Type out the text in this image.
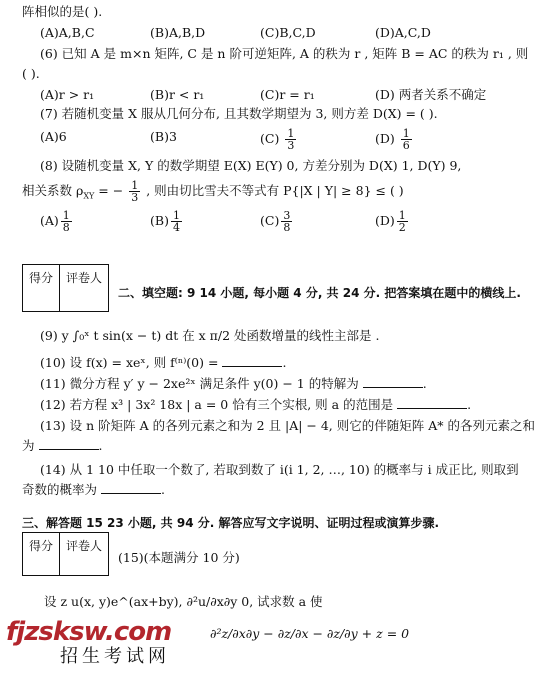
阵相似的是( ).
(A)A,B,C	(B)A,B,D	(C)B,C,D	(D)A,C,D
(6) 已知 A 是 m×n 矩阵, C 是 n 阶可逆矩阵, A 的秩为 r , 矩阵 B = AC 的秩为 r₁ , 则
( ).
(A)r > r₁	(B)r < r₁	(C)r = r₁	(D) 两者关系不确定
(7) 若随机变量 X 服从几何分布, 且其数学期望为 3, 则方差 D(X) = ( ).
(A)6	(B)3	$(C) \frac{1}{3}$	$(D) \frac{1}{6}$
(8) 设随机变量 X, Y 的数学期望 E(X) E(Y) 0, 方差分别为 D(X) 1, D(Y) 9,
相关系数 $\rho_{XY}$ = − $\frac{1}{3}$ , 则由切比雪夫不等式有 P{|X | Y| ≥ 8} ≤ ( )
$(A) \frac{1}{8}$	$(B) \frac{1}{4}$	$(C) \frac{3}{8}$	$(D) \frac{1}{2}$
得分	评卷人
二、填空题: 9 14 小题, 每小题 4 分, 共 24 分. 把答案填在题中的横线上.
(9) y ∫₀ˣ t sin(x − t) dt 在 x π/2 处函数增量的线性主部是 .
(10) 设 f(x) = xeˣ, 则 f⁽ⁿ⁾(0) =	.
(11) 微分方程 y′ y − 2xe²ˣ 满足条件 y(0) − 1 的特解为	.
(12) 若方程 x³ | 3x² 18x | a = 0 恰有三个实根, 则 a 的范围是	.
(13) 设 n 阶矩阵 A 的各列元素之和为 2 且 |A| − 4, 则它的伴随矩阵 A* 的各列元素之和
为	.
(14) 从 1 10 中任取一个数了, 若取到数了 i(i 1, 2, …, 10) 的概率与 i 成正比, 则取到
奇数的概率为	.
三、解答题 15 23 小题, 共 94 分. 解答应写文字说明、证明过程或演算步骤.
得分	评卷人
(15)(本题满分 10 分)
设 z u(x, y)e^(ax+by), ∂²u/∂x∂y 0, 试求数 a 使
∂²z/∂x∂y − ∂z/∂x − ∂z/∂y + z = 0
fjzsksw.com
招生考试网
